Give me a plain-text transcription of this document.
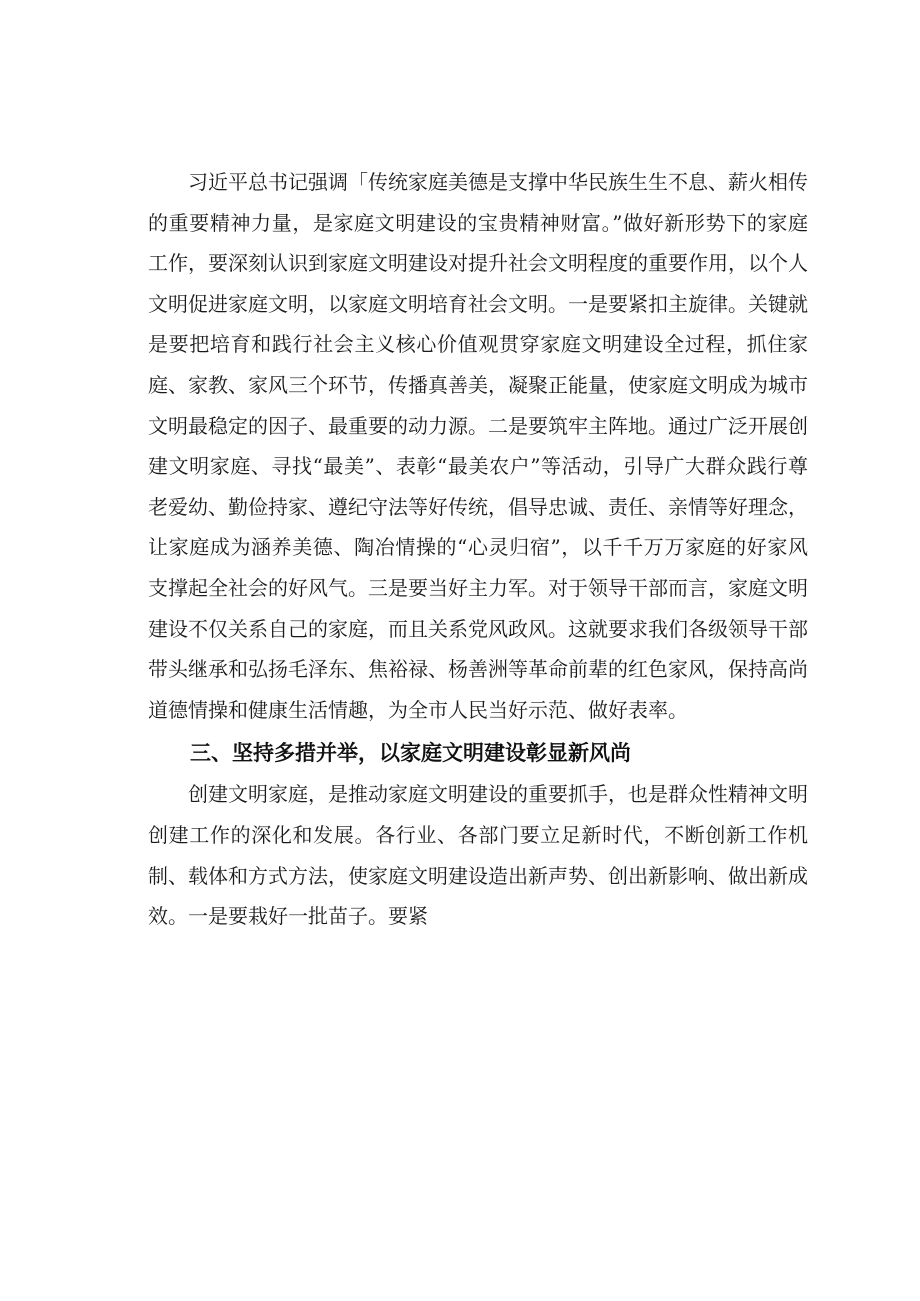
习近平总书记强调「传统家庭美德是支撑中华民族生生不息、薪火相传的重要精神力量，是家庭文明建设的宝贵精神财富。”做好新形势下的家庭工作，要深刻认识到家庭文明建设对提升社会文明程度的重要作用，以个人文明促进家庭文明，以家庭文明培育社会文明。一是要紧扣主旋律。关键就是要把培育和践行社会主义核心价值观贯穿家庭文明建设全过程，抓住家庭、家教、家风三个环节，传播真善美，凝聚正能量，使家庭文明成为城市文明最稳定的因子、最重要的动力源。二是要筑牢主阵地。通过广泛开展创建文明家庭、寻找“最美”、表彰“最美农户”等活动，引导广大群众践行尊老爱幼、勤俭持家、遵纪守法等好传统，倡导忠诚、责任、亲情等好理念，让家庭成为涵养美德、陶冶情操的“心灵归宿”，以千千万万家庭的好家风支撑起全社会的好风气。三是要当好主力军。对于领导干部而言，家庭文明建设不仅关系自己的家庭，而且关系党风政风。这就要求我们各级领导干部带头继承和弘扬毛泽东、焦裕禄、杨善洲等革命前辈的红色家风，保持高尚道德情操和健康生活情趣，为全市人民当好示范、做好表率。

三、坚持多措并举，以家庭文明建设彰显新风尚

创建文明家庭，是推动家庭文明建设的重要抓手，也是群众性精神文明创建工作的深化和发展。各行业、各部门要立足新时代，不断创新工作机制、载体和方式方法，使家庭文明建设造出新声势、创出新影响、做出新成效。一是要栽好一批苗子。要紧
